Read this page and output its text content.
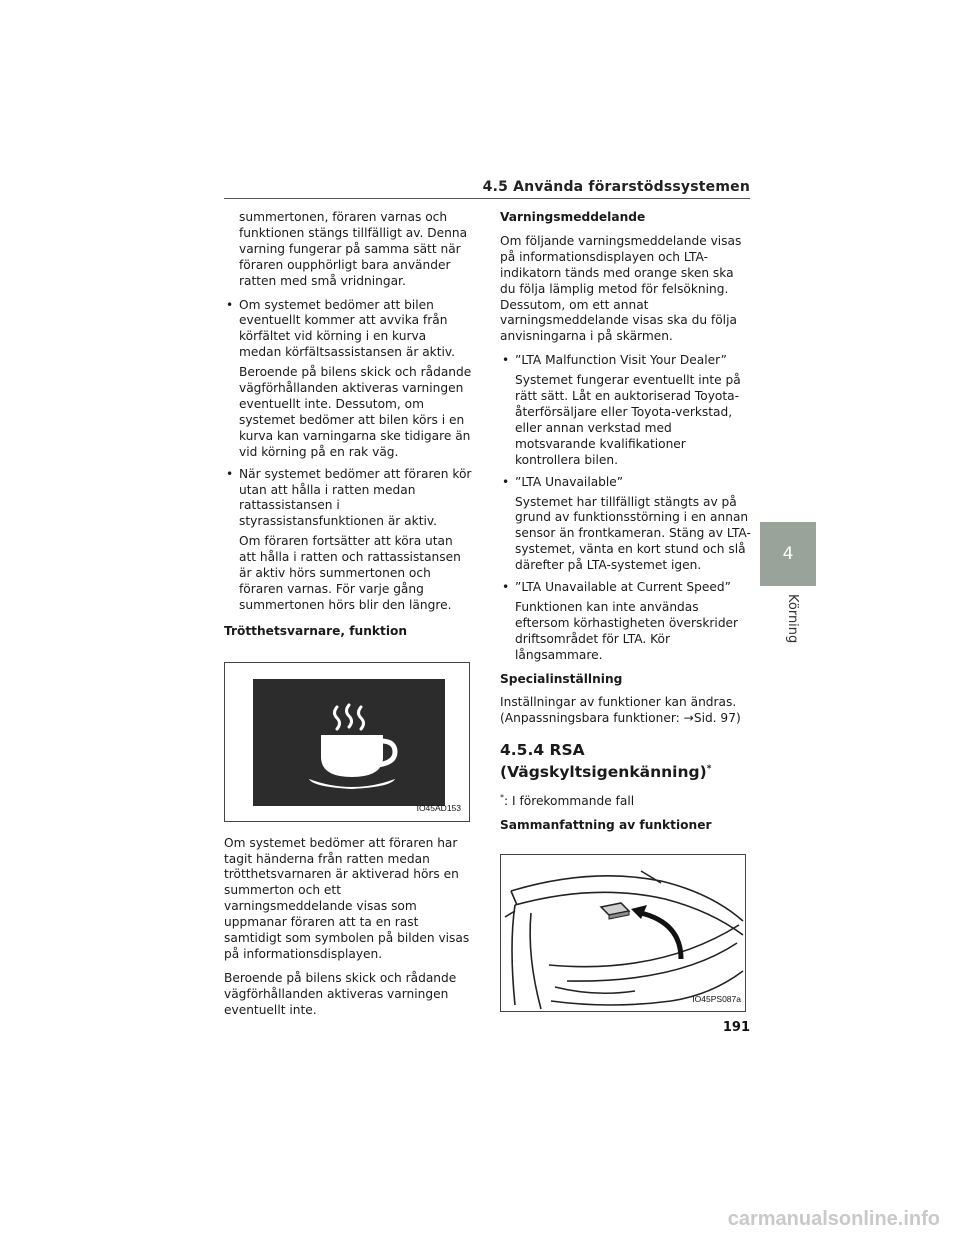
4.5 Använda förarstödssystemen

summertonen, föraren varnas och funktionen stängs tillfälligt av. Denna varning fungerar på samma sätt när föraren oupphörligt bara använder ratten med små vridningar.

• Om systemet bedömer att bilen eventuellt kommer att avvika från körfältet vid körning i en kurva medan körfältsassistansen är aktiv.
Beroende på bilens skick och rådande vägförhållanden aktiveras varningen eventuellt inte. Dessutom, om systemet bedömer att bilen körs i en kurva kan varningarna ske tidigare än vid körning på en rak väg.
• När systemet bedömer att föraren kör utan att hålla i ratten medan rattassistansen i styrassistansfunktionen är aktiv.
Om föraren fortsätter att köra utan att hålla i ratten och rattassistansen är aktiv hörs summertonen och föraren varnas. För varje gång summertonen hörs blir den längre.

Trötthetsvarnare, funktion

IO45AD153

Om systemet bedömer att föraren har tagit händerna från ratten medan trötthetsvarnaren är aktiverad hörs en summerton och ett varningsmeddelande visas som uppmanar föraren att ta en rast samtidigt som symbolen på bilden visas på informationsdisplayen.

Beroende på bilens skick och rådande vägförhållanden aktiveras varningen eventuellt inte.

Varningsmeddelande

Om följande varningsmeddelande visas på informationsdisplayen och LTA-indikatorn tänds med orange sken ska du följa lämplig metod för felsökning. Dessutom, om ett annat varningsmeddelande visas ska du följa anvisningarna i på skärmen.

• ”LTA Malfunction Visit Your Dealer”
Systemet fungerar eventuellt inte på rätt sätt. Låt en auktoriserad Toyota-återförsäljare eller Toyota-verkstad, eller annan verkstad med motsvarande kvalifikationer kontrollera bilen.
• ”LTA Unavailable”
Systemet har tillfälligt stängts av på grund av funktionsstörning i en annan sensor än frontkameran. Stäng av LTA-systemet, vänta en kort stund och slå därefter på LTA-systemet igen.
• ”LTA Unavailable at Current Speed”
Funktionen kan inte användas eftersom körhastigheten överskrider driftsområdet för LTA. Kör långsammare.

Specialinställning

Inställningar av funktioner kan ändras. (Anpassningsbara funktioner: →Sid. 97)

4.5.4 RSA
(Vägskyltsigenkänning)*

*: I förekommande fall

Sammanfattning av funktioner

IO45PS087a
4
Körning
191
carmanualsonline.info
